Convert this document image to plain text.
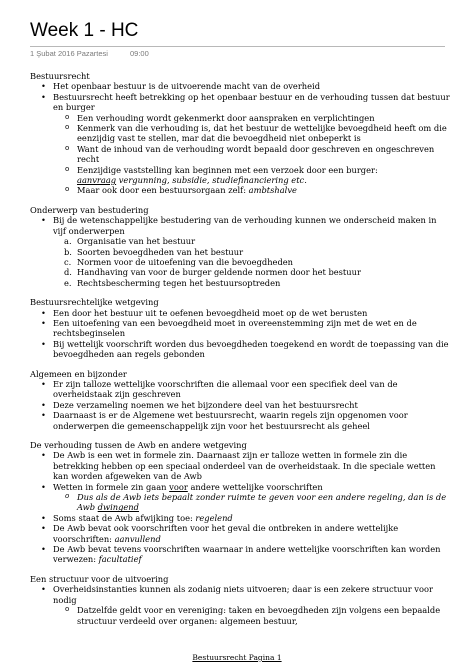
Week 1 - HC
1 Şubat 2016 Pazartesi	09:00

Bestuursrecht

• Het openbaar bestuur is de uitvoerende macht van de overheid
• Bestuursrecht heeft betrekking op het openbaar bestuur en de verhouding tussen dat bestuur en burger
o Een verhouding wordt gekenmerkt door aanspraken en verplichtingen
o Kenmerk van die verhouding is, dat het bestuur de wettelijke bevoegdheid heeft om die eenzijdig vast te stellen, mar dat die bevoegdheid niet onbeperkt is
o Want de inhoud van de verhouding wordt bepaald door geschreven en ongeschreven recht
o Eenzijdige vaststelling kan beginnen met een verzoek door een burger:
aanvraag vergunning, subsidie, studiefinanciering etc.
o Maar ook door een bestuursorgaan zelf: ambtshalve

Onderwerp van bestudering

• Bij de wetenschappelijke bestudering van de verhouding kunnen we onderscheid maken in vijf onderwerpen
a. Organisatie van het bestuur
b. Soorten bevoegdheden van het bestuur
c. Normen voor de uitoefening van die bevoegdheden
d. Handhaving van voor de burger geldende normen door het bestuur
e. Rechtsbescherming tegen het bestuursoptreden

Bestuursrechtelijke wetgeving

• Een door het bestuur uit te oefenen bevoegdheid moet op de wet berusten
• Een uitoefening van een bevoegdheid moet in overeenstemming zijn met de wet en de rechtsbeginselen
• Bij wettelijk voorschrift worden dus bevoegdheden toegekend en wordt de toepassing van die bevoegdheden aan regels gebonden

Algemeen en bijzonder

• Er zijn talloze wettelijke voorschriften die allemaal voor een specifiek deel van de overheidstaak zijn geschreven
• Deze verzameling noemen we het bijzondere deel van het bestuursrecht
• Daarnaast is er de Algemene wet bestuursrecht, waarin regels zijn opgenomen voor onderwerpen die gemeenschappelijk zijn voor het bestuursrecht als geheel

De verhouding tussen de Awb en andere wetgeving

• De Awb is een wet in formele zin. Daarnaast zijn er talloze wetten in formele zin die betrekking hebben op een speciaal onderdeel van de overheidstaak. In die speciale wetten kan worden afgeweken van de Awb
• Wetten in formele zin gaan voor andere wettelijke voorschriften
o Dus als de Awb iets bepaalt zonder ruimte te geven voor een andere regeling, dan is de Awb dwingend
• Soms staat de Awb afwijking toe: regelend
• De Awb bevat ook voorschriften voor het geval die ontbreken in andere wettelijke voorschriften: aanvullend
• De Awb bevat tevens voorschriften waarnaar in andere wettelijke voorschriften kan worden verwezen: facultatief

Een structuur voor de uitvoering

• Overheidsinstanties kunnen als zodanig niets uitvoeren; daar is een zekere structuur voor nodig
o Datzelfde geldt voor en vereniging: taken en bevoegdheden zijn volgens een bepaalde structuur verdeeld over organen: algemeen bestuur,
Bestuursrecht Pagina 1
